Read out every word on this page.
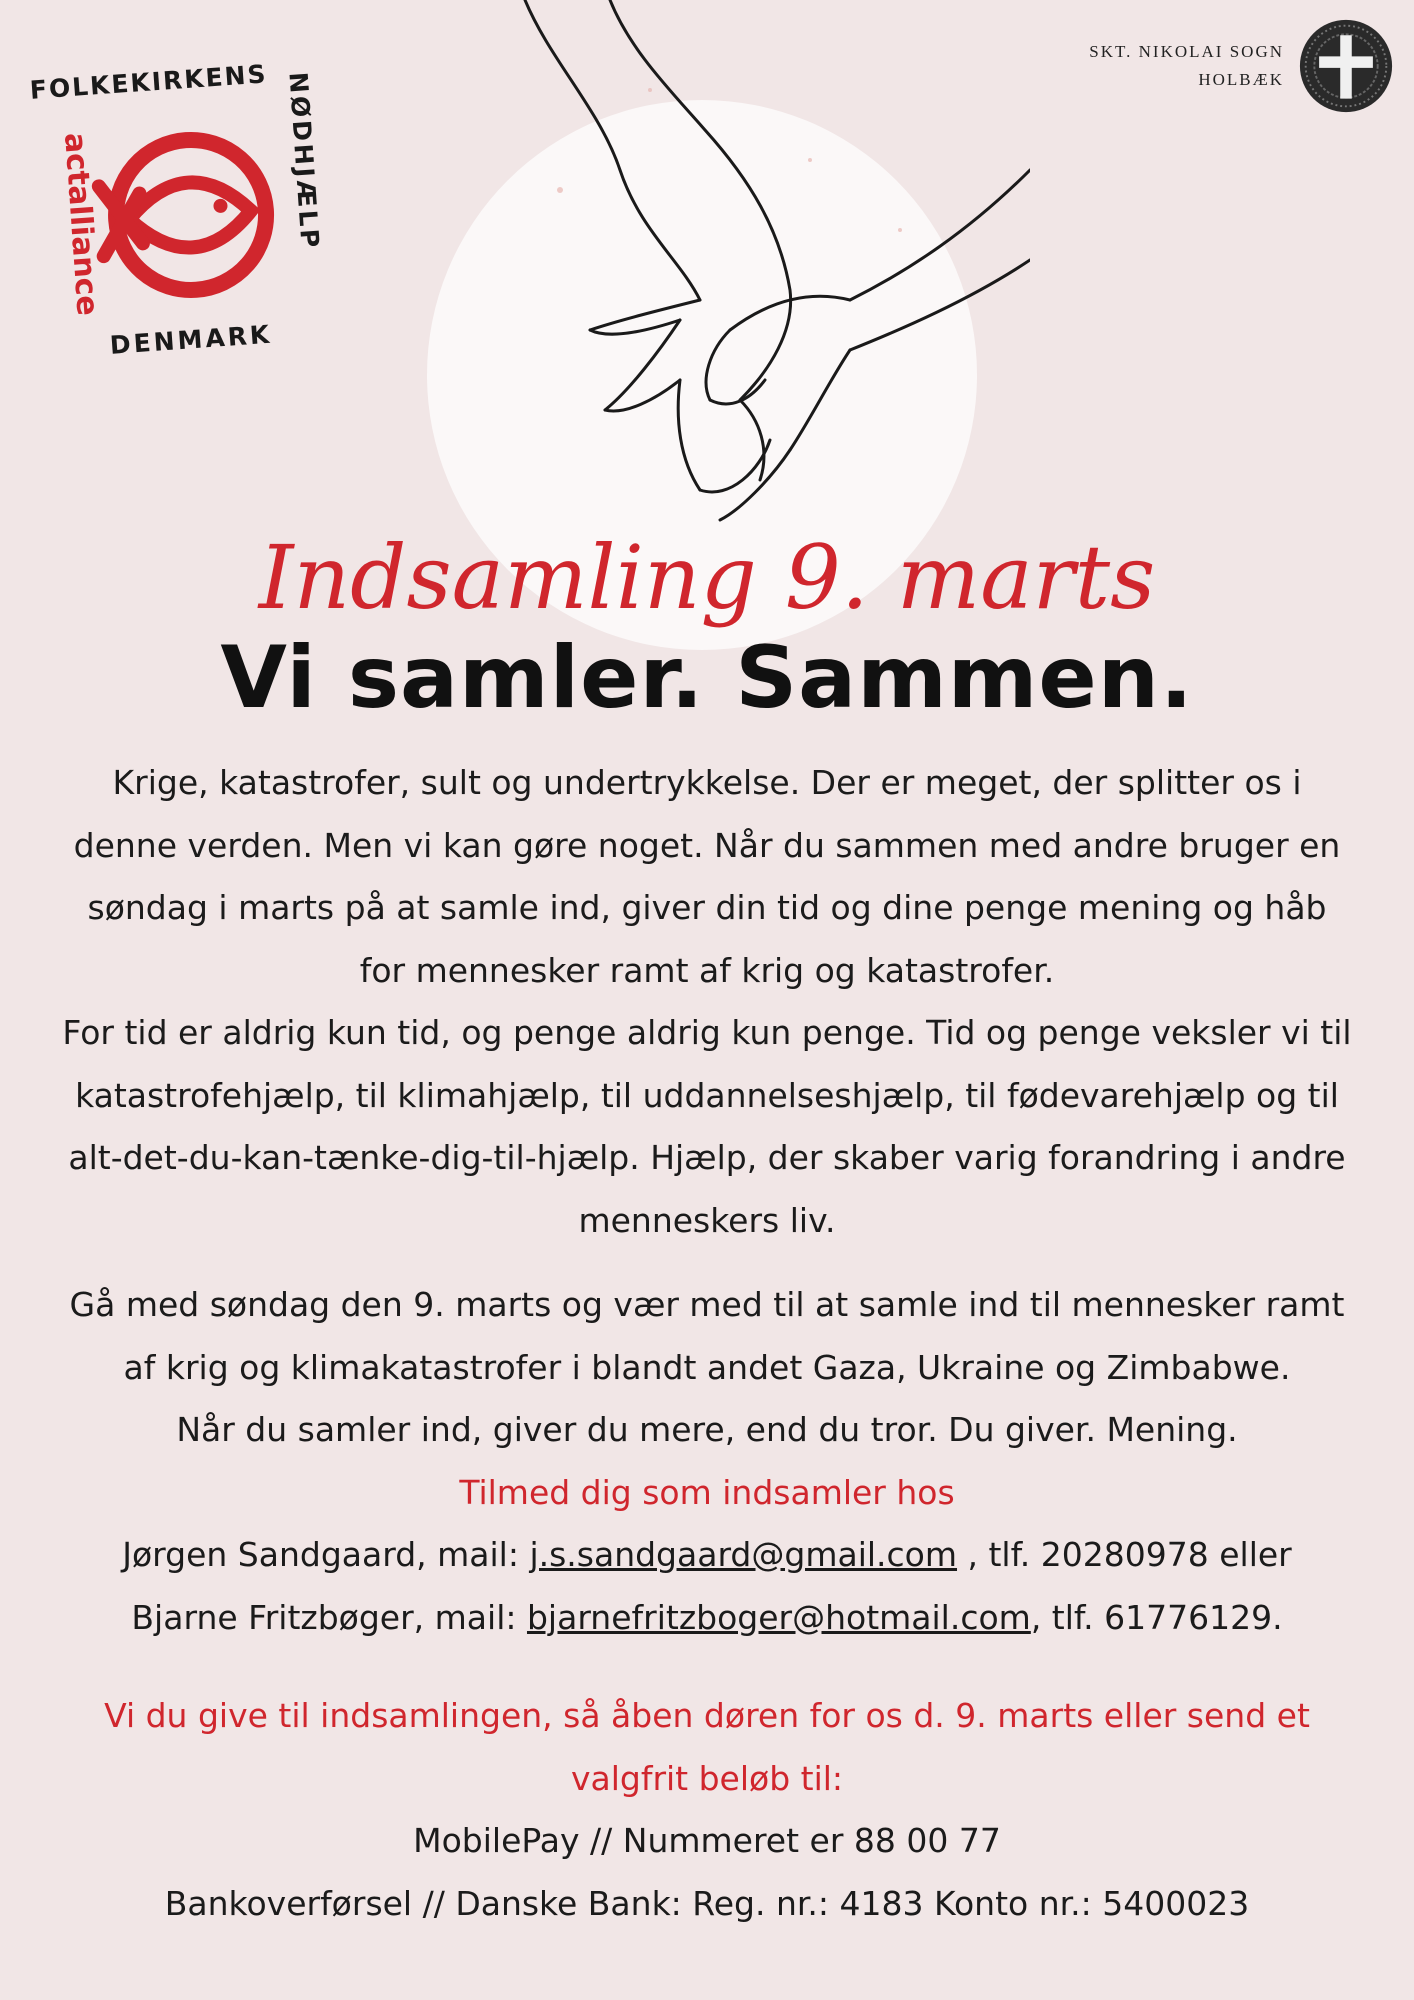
FOLKEKIRKENS NØDHJÆLP
DENMARK
actalliance
SKT. NIKOLAI SOGN
HOLBÆK
Indsamling 9. marts
Vi samler. Sammen.

Krige, katastrofer, sult og undertrykkelse. Der er meget, der splitter os i denne verden. Men vi kan gøre noget. Når du sammen med andre bruger en søndag i marts på at samle ind, giver din tid og dine penge mening og håb for mennesker ramt af krig og katastrofer.

For tid er aldrig kun tid, og penge aldrig kun penge. Tid og penge veksler vi til katastrofehjælp, til klimahjælp, til uddannelseshjælp, til fødevarehjælp og til alt-det-du-kan-tænke-dig-til-hjælp. Hjælp, der skaber varig forandring i andre menneskers liv.

Gå med søndag den 9. marts og vær med til at samle ind til mennesker ramt af krig og klimakatastrofer i blandt andet Gaza, Ukraine og Zimbabwe.

Når du samler ind, giver du mere, end du tror. Du giver. Mening.

Tilmed dig som indsamler hos

Jørgen Sandgaard, mail: j.s.sandgaard@gmail.com , tlf. 20280978 eller

Bjarne Fritzbøger, mail: bjarnefritzboger@hotmail.com, tlf. 61776129.

Vi du give til indsamlingen, så åben døren for os d. 9. marts eller send et valgfrit beløb til:

MobilePay // Nummeret er 88 00 77

Bankoverførsel // Danske Bank: Reg. nr.: 4183 Konto nr.: 5400023
